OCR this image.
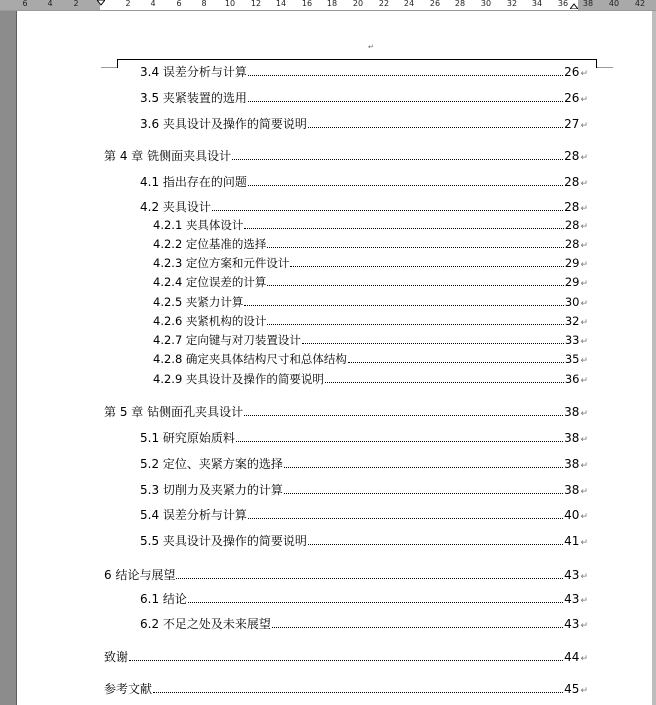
6 4	2	2 4	6 8 10 12 14 16 18 20 22 24 26 28 30 32 34 36 38 40 42
↵
3.4 误差分析与计算	26 ↵
3.5 夹紧装置的选用	26 ↵
3.6 夹具设计及操作的简要说明	27 ↵
第 4 章 铣侧面夹具设计	28 ↵
4.1 指出存在的问题	28 ↵
4.2 夹具设计	28 ↵
4.2.1 夹具体设计	28 ↵
4.2.2 定位基准的选择	28 ↵
4.2.3 定位方案和元件设计	29 ↵
4.2.4 定位误差的计算	29 ↵
4.2.5 夹紧力计算	30 ↵
4.2.6 夹紧机构的设计	32 ↵
4.2.7 定向键与对刀装置设计	33 ↵
4.2.8 确定夹具体结构尺寸和总体结构	35 ↵
4.2.9 夹具设计及操作的简要说明	36 ↵
第 5 章 钻侧面孔夹具设计	38 ↵
5.1 研究原始质料	38 ↵
5.2 定位、夹紧方案的选择	38 ↵
5.3 切削力及夹紧力的计算	38 ↵
5.4 误差分析与计算	40 ↵
5.5 夹具设计及操作的简要说明	41 ↵
6 结论与展望	43 ↵
6.1 结论	43 ↵
6.2 不足之处及未来展望	43 ↵
致谢	44 ↵
参考文献	45 ↵
